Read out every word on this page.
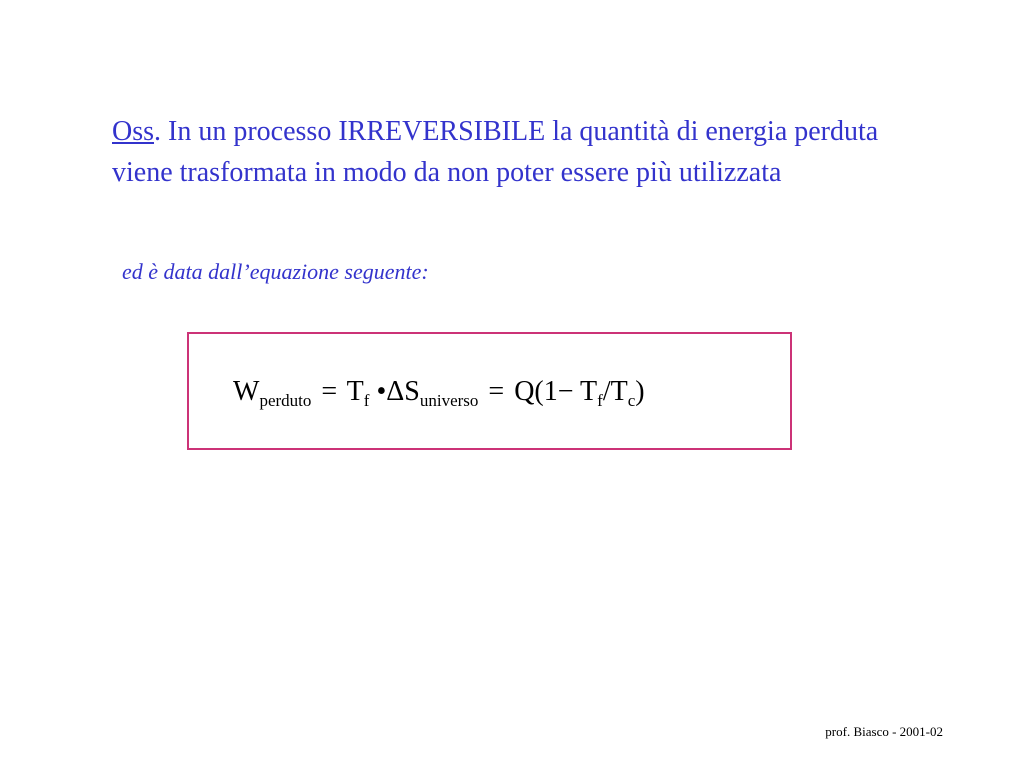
Oss. In un processo IRREVERSIBILE la quantità di energia perduta viene trasformata in modo da non poter essere più utilizzata

ed è data dall’equazione seguente:

$W_{perduto} = T_f$ $•\Delta S_{universo} = Q(1- T_f/T_c)$
prof. Biasco - 2001-02
